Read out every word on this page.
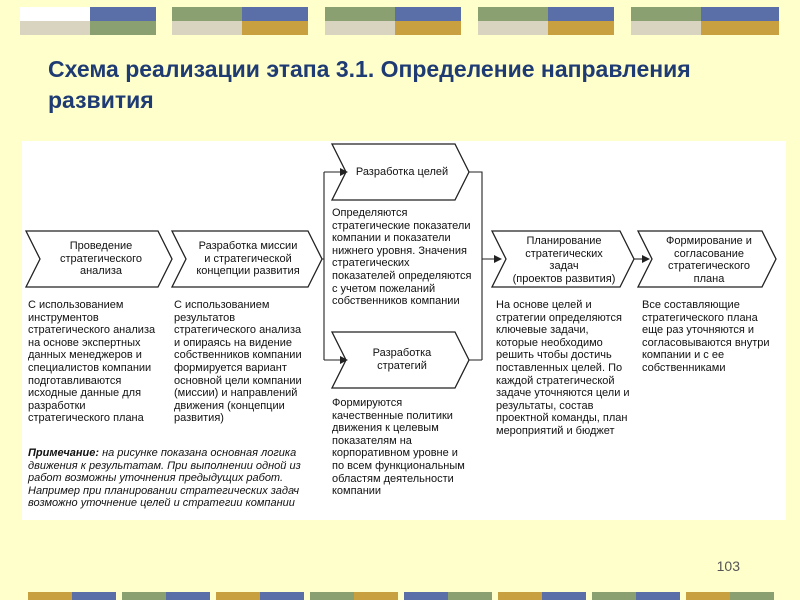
Схема реализации этапа 3.1. Определение направления развития
Проведение
стратегического
анализа
Разработка миссии
и стратегической
концепции развития
Разработка целей
Разработка
стратегий
Планирование
стратегических
задач
(проектов развития)
Формирование и
согласование
стратегического
плана
С использованием
инструментов
стратегического анализа
на основе экспертных
данных менеджеров и
специалистов компании
подготавливаются
исходные данные для
разработки
стратегического плана
С использованием
результатов
стратегического анализа
и опираясь на видение
собственников компании
формируется вариант
основной цели компании
(миссии) и направлений
движения (концепции
развития)
Определяются
стратегические показатели
компании и показатели
нижнего уровня. Значения
стратегических
показателей определяются
с учетом пожеланий
собственников компании
Формируются
качественные политики
движения к целевым
показателям на
корпоративном уровне и
по всем функциональным
областям деятельности
компании
На основе целей и
стратегии определяются
ключевые задачи,
которые необходимо
решить чтобы достичь
поставленных целей. По
каждой стратегической
задаче уточняются цели и
результаты, состав
проектной команды, план
мероприятий и бюджет
Все составляющие
стратегического плана
еще раз уточняются и
согласовываются внутри
компании и с ее
собственниками
Примечание: на рисунке показана основная логика
движения к результатам. При выполнении одной из
работ возможны уточнения предыдущих работ.
Например при планировании стратегических задач
возможно уточнение целей и стратегии компании
103
